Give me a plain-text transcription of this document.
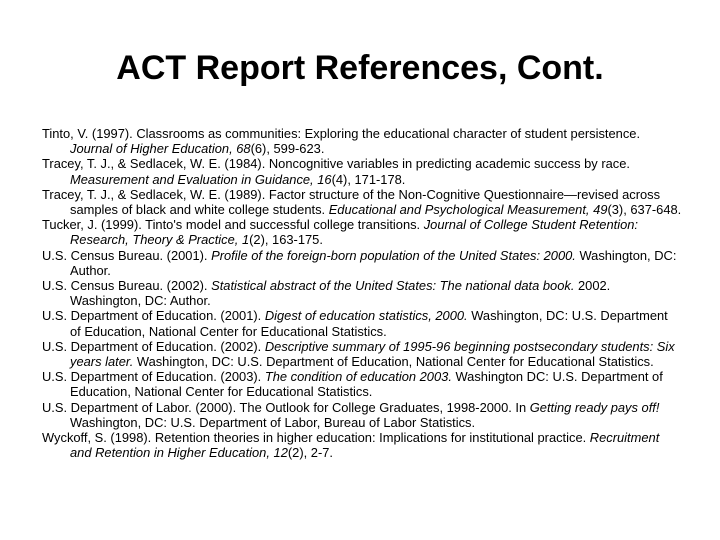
ACT Report References, Cont.

Tinto, V. (1997). Classrooms as communities: Exploring the educational character of student persistence. Journal of Higher Education, 68(6), 599-623.

Tracey, T. J., & Sedlacek, W. E. (1984). Noncognitive variables in predicting academic success by race. Measurement and Evaluation in Guidance, 16(4), 171-178.

Tracey, T. J., & Sedlacek, W. E. (1989). Factor structure of the Non-Cognitive Questionnaire—revised across samples of black and white college students. Educational and Psychological Measurement, 49(3), 637-648.

Tucker, J. (1999). Tinto's model and successful college transitions. Journal of College Student Retention: Research, Theory & Practice, 1(2), 163-175.

U.S. Census Bureau. (2001). Profile of the foreign-born population of the United States: 2000. Washington, DC: Author.

U.S. Census Bureau. (2002). Statistical abstract of the United States: The national data book. 2002. Washington, DC: Author.

U.S. Department of Education. (2001). Digest of education statistics, 2000. Washington, DC: U.S. Department of Education, National Center for Educational Statistics.

U.S. Department of Education. (2002). Descriptive summary of 1995-96 beginning postsecondary students: Six years later. Washington, DC: U.S. Department of Education, National Center for Educational Statistics.

U.S. Department of Education. (2003). The condition of education 2003. Washington DC: U.S. Department of Education, National Center for Educational Statistics.

U.S. Department of Labor. (2000). The Outlook for College Graduates, 1998-2000. In Getting ready pays off! Washington, DC: U.S. Department of Labor, Bureau of Labor Statistics.

Wyckoff, S. (1998). Retention theories in higher education: Implications for institutional practice. Recruitment and Retention in Higher Education, 12(2), 2-7.
